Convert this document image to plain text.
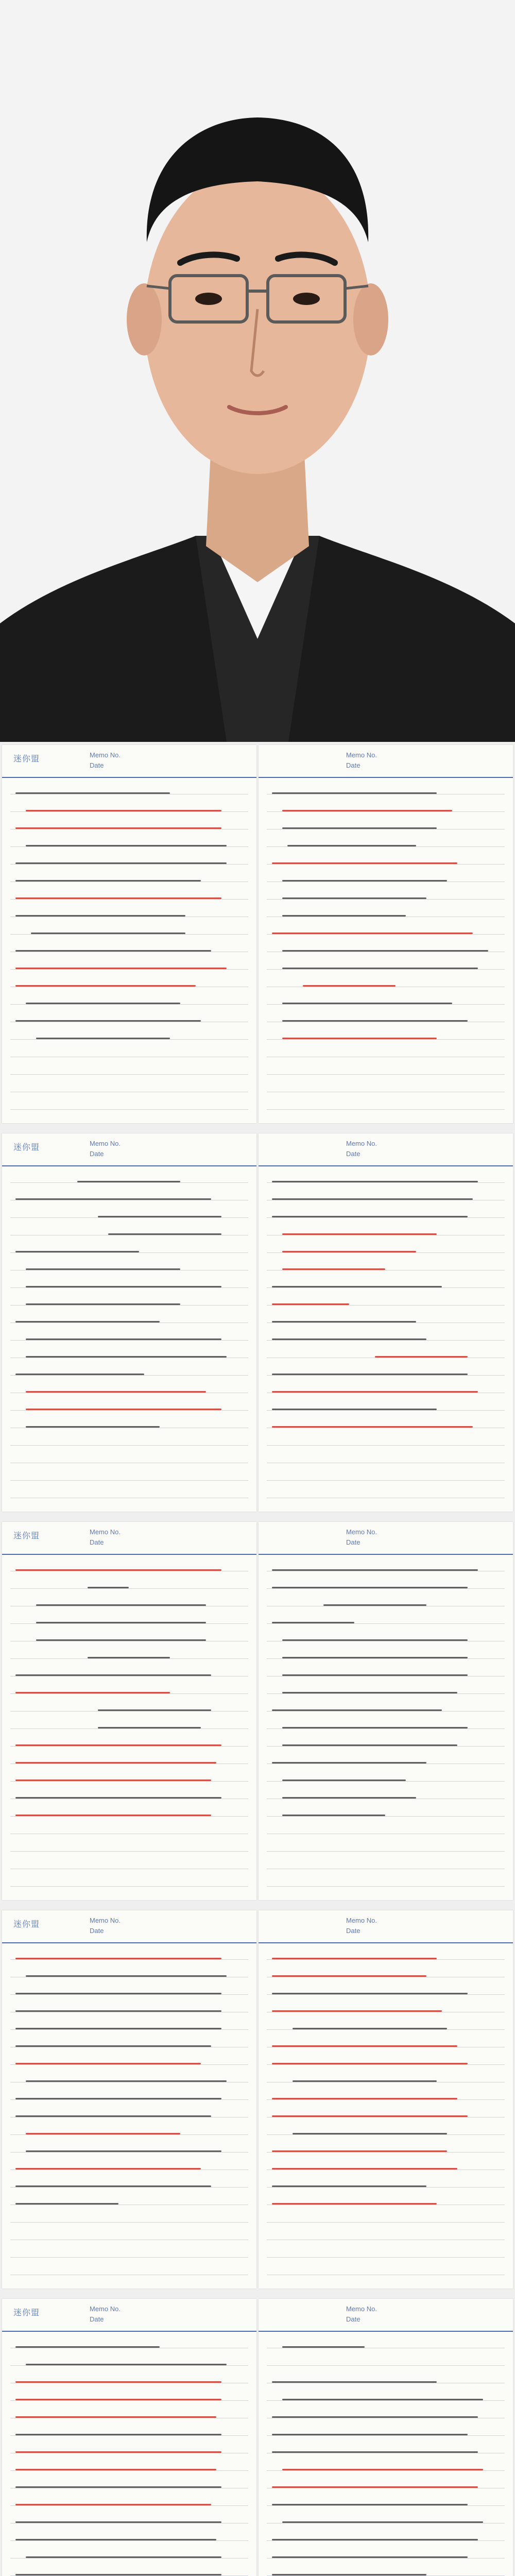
迷你盟	Memo No.
Date
Memo No.
Date
迷你盟	Memo No.
Date
Memo No.
Date
迷你盟	Memo No.
Date
Memo No.
Date
迷你盟	Memo No.
Date
Memo No.
Date
迷你盟	Memo No.
Date
Memo No.
Date
